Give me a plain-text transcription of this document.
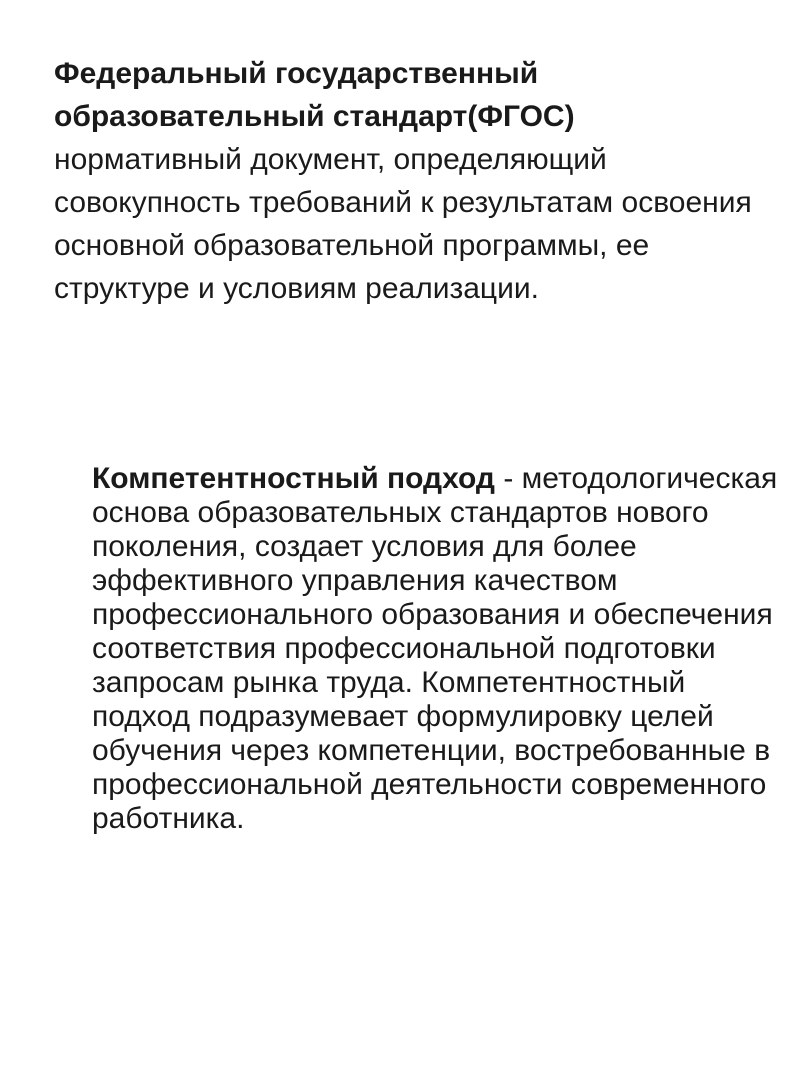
Федеральный государственный образовательный стандарт(ФГОС) нормативный документ, определяющий совокупность требований к результатам освоения основной образовательной программы, ее структуре и условиям реализации.
Компетентностный подход - методологическая основа образовательных стандартов нового поколения, создает условия для более эффективного управления качеством профессионального образования и обеспечения соответствия профессиональной подготовки запросам рынка труда. Компетентностный подход подразумевает формулировку целей обучения через компетенции, востребованные в профессиональной деятельности современного работника.
